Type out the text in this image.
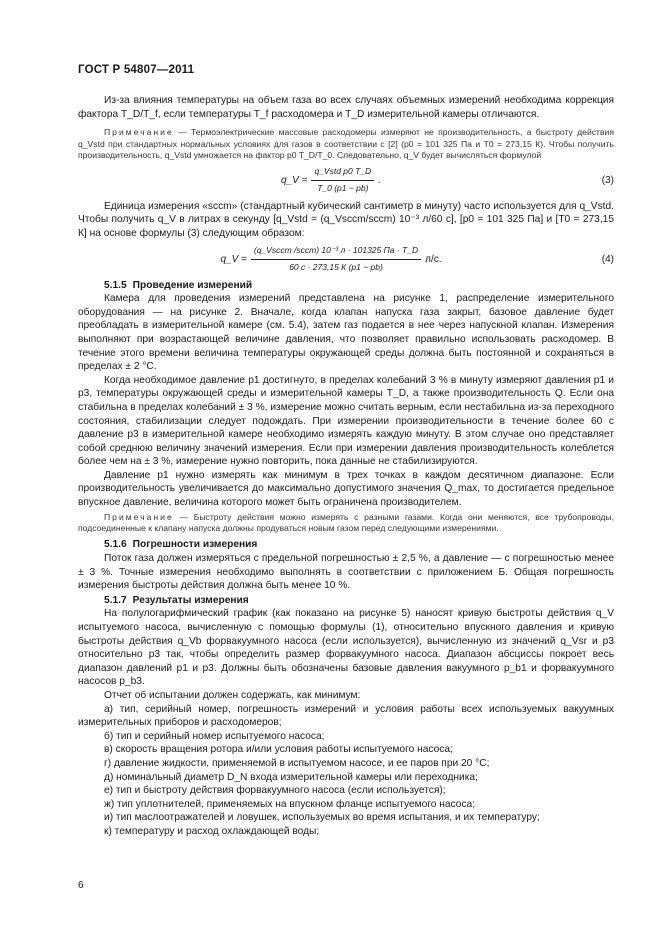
ГОСТ Р 54807—2011

Из-за влияния температуры на объем газа во всех случаях объемных измерений необходима коррекция фактора T_D/T_f, если температуры T_f расходомера и T_D измерительной камеры отличаются.

Примечание — Термоэлектрические массовые расходомеры измеряют не производительность, а быстроту действия q_Vstd при стандартных нормальных условиях для газов в соответствии с [2] (p0 = 101 325 Па и T0 = 273,15 К). Чтобы получить производительность, q_Vstd умножается на фактор p0 T_D/T_0. Следовательно, q_V будет вычисляться формулой

q_V = $\frac{\text{q\_Vstd p0 T\_D}}{T\_0 (p1 - pb)}$ .	(3)

Единица измерения «sccm» (стандартный кубический сантиметр в минуту) часто используется для q_Vstd. Чтобы получить q_V в литрах в секунду [q_Vstd = (q_Vsccm/sccm) 10⁻³ л/60 с], [p0 = 101 325 Па] и [T0 = 273,15 К] на основе формулы (3) следующим образом:

q_V = $\frac{\text{(q\_Vsccm /sccm) 10⁻³ л · 101325 Па · T\_D}}{60 с \cdot 273,15 К (p1 - pb)} л/с$.	(4)

5.1.5 Проведение измерений

Камера для проведения измерений представлена на рисунке 1, распределение измерительного оборудования — на рисунке 2. Вначале, когда клапан напуска газа закрыт, базовое давление будет преобладать в измерительной камере (см. 5.4), затем газ подается в нее через напускной клапан. Измерения выполняют при возрастающей величине давления, что позволяет правильно использовать расходомер. В течение этого времени величина температуры окружающей среды должна быть постоянной и сохраняться в пределах ± 2 °С.

Когда необходимое давление p1 достигнуто, в пределах колебаний 3 % в минуту измеряют давления p1 и p3, температуры окружающей среды и измерительной камеры T_D, а также производительность Q. Если она стабильна в пределах колебаний ± 3 %, измерение можно считать верным, если нестабильна из-за переходного состояния, стабилизации следует подождать. При измерении производительности в течение более 60 с давление p3 в измерительной камере необходимо измерять каждую минуту. В этом случае оно представляет собой среднюю величину значений измерения. Если при измерении давления производительность колеблется более чем на ± 3 %, измерение нужно повторить, пока данные не стабилизируются.

Давление p1 нужно измерять как минимум в трех точках в каждом десятичном диапазоне. Если производительность увеличивается до максимально допустимого значения Q_max, то достигается предельное впускное давление, величина которого может быть ограничена производителем.

Примечание — Быстроту действия можно измерять с разными газами. Когда они меняются, все трубопроводы, подсоединенные к клапану напуска должны продуваться новым газом перед следующими измерениями.

5.1.6 Погрешности измерения

Поток газа должен измеряться с предельной погрешностью ± 2,5 %, а давление — с погрешностью менее ± 3 %. Точные измерения необходимо выполнять в соответствии с приложением Б. Общая погрешность измерения быстроты действия должна быть менее 10 %.

5.1.7 Результаты измерения

На полулогарифмический график (как показано на рисунке 5) наносят кривую быстроты действия q_V испытуемого насоса, вычисленную с помощью формулы (1), относительно впускного давления и кривую быстроты действия q_Vb форвакуумного насоса (если используется), вычисленную из значений q_Vsr и p3 относительно p3 так, чтобы определить размер форвакуумного насоса. Диапазон абсциссы покроет весь диапазон давлений p1 и p3. Должны быть обозначены базовые давления вакуумного p_b1 и форвакуумного насосов p_b3.

Отчет об испытании должен содержать, как минимум:

а) тип, серийный номер, погрешность измерений и условия работы всех используемых вакуумных измерительных приборов и расходомеров;
б) тип и серийный номер испытуемого насоса;
в) скорость вращения ротора и/или условия работы испытуемого насоса;
г) давление жидкости, применяемой в испытуемом насосе, и ее паров при 20 °С;
д) номинальный диаметр D_N входа измерительной камеры или переходника;
е) тип и быстроту действия форвакуумного насоса (если используется);
ж) тип уплотнителей, применяемых на впускном фланце испытуемого насоса;
и) тип маслоотражателей и ловушек, используемых во время испытания, и их температуру;
к) температуру и расход охлаждающей воды;
6
